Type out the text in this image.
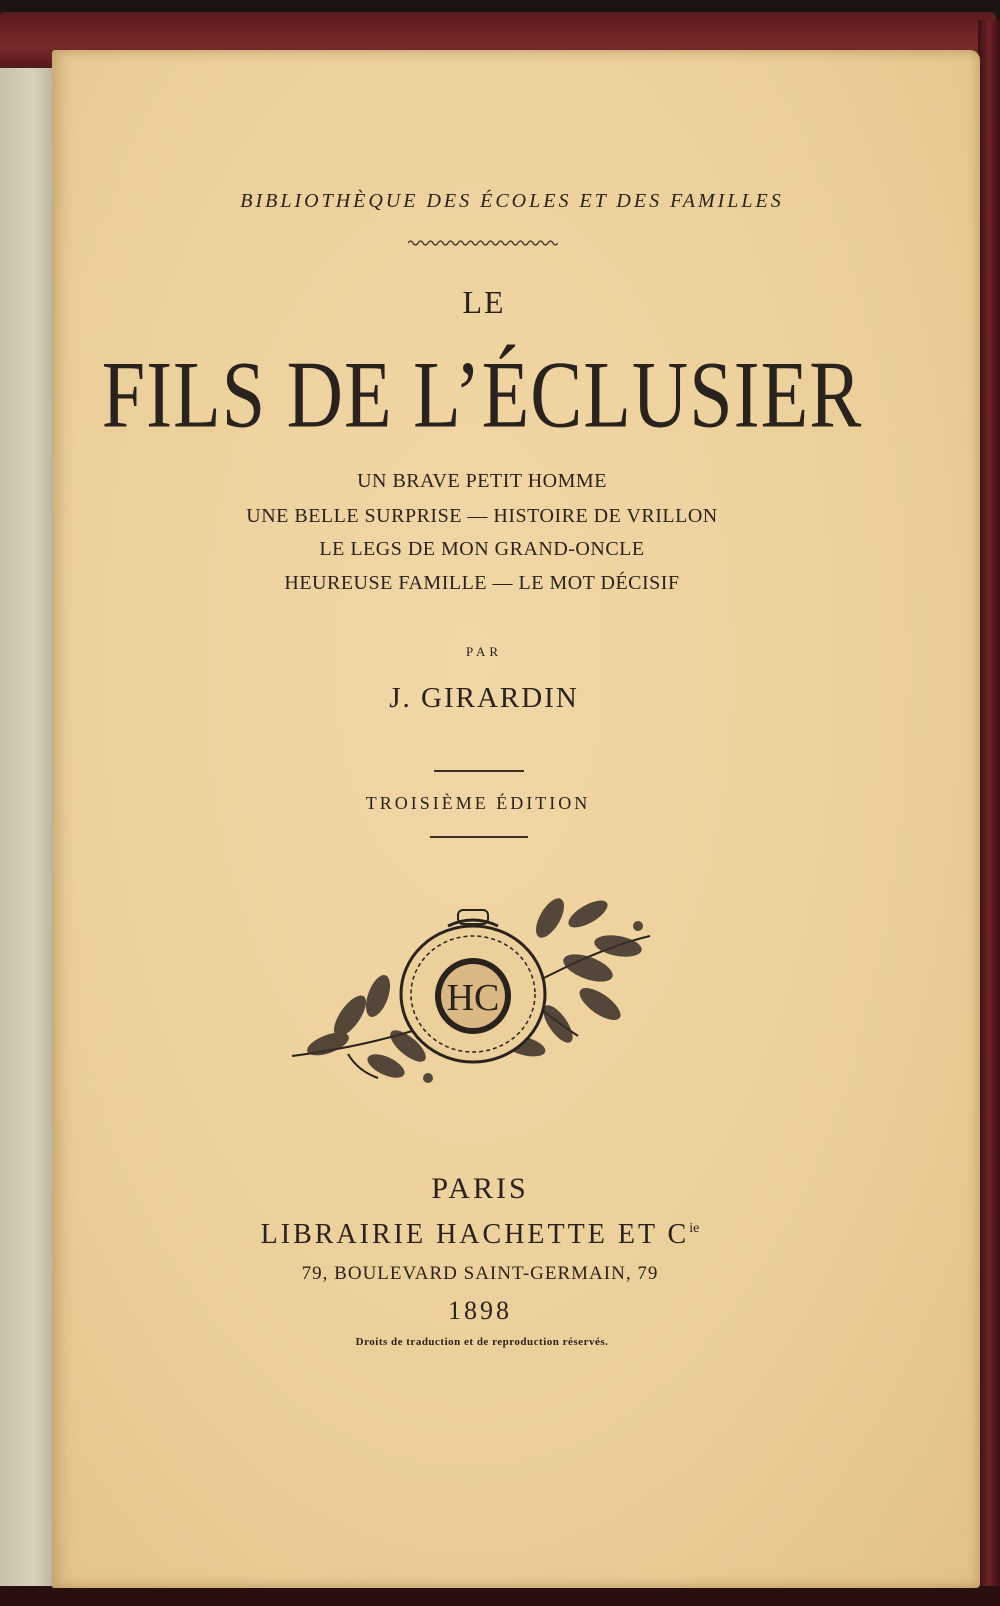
BIBLIOTHÈQUE DES ÉCOLES ET DES FAMILLES

LE

FILS DE L’ÉCLUSIER

UN BRAVE PETIT HOMME

UNE BELLE SURPRISE — HISTOIRE DE VRILLON

LE LEGS DE MON GRAND-ONCLE

HEUREUSE FAMILLE — LE MOT DÉCISIF

PAR

J. GIRARDIN

TROISIÈME ÉDITION

HC

PARIS

LIBRAIRIE HACHETTE ET $C^{ie}$

79, BOULEVARD SAINT-GERMAIN, 79

1898

Droits de traduction et de reproduction réservés.
